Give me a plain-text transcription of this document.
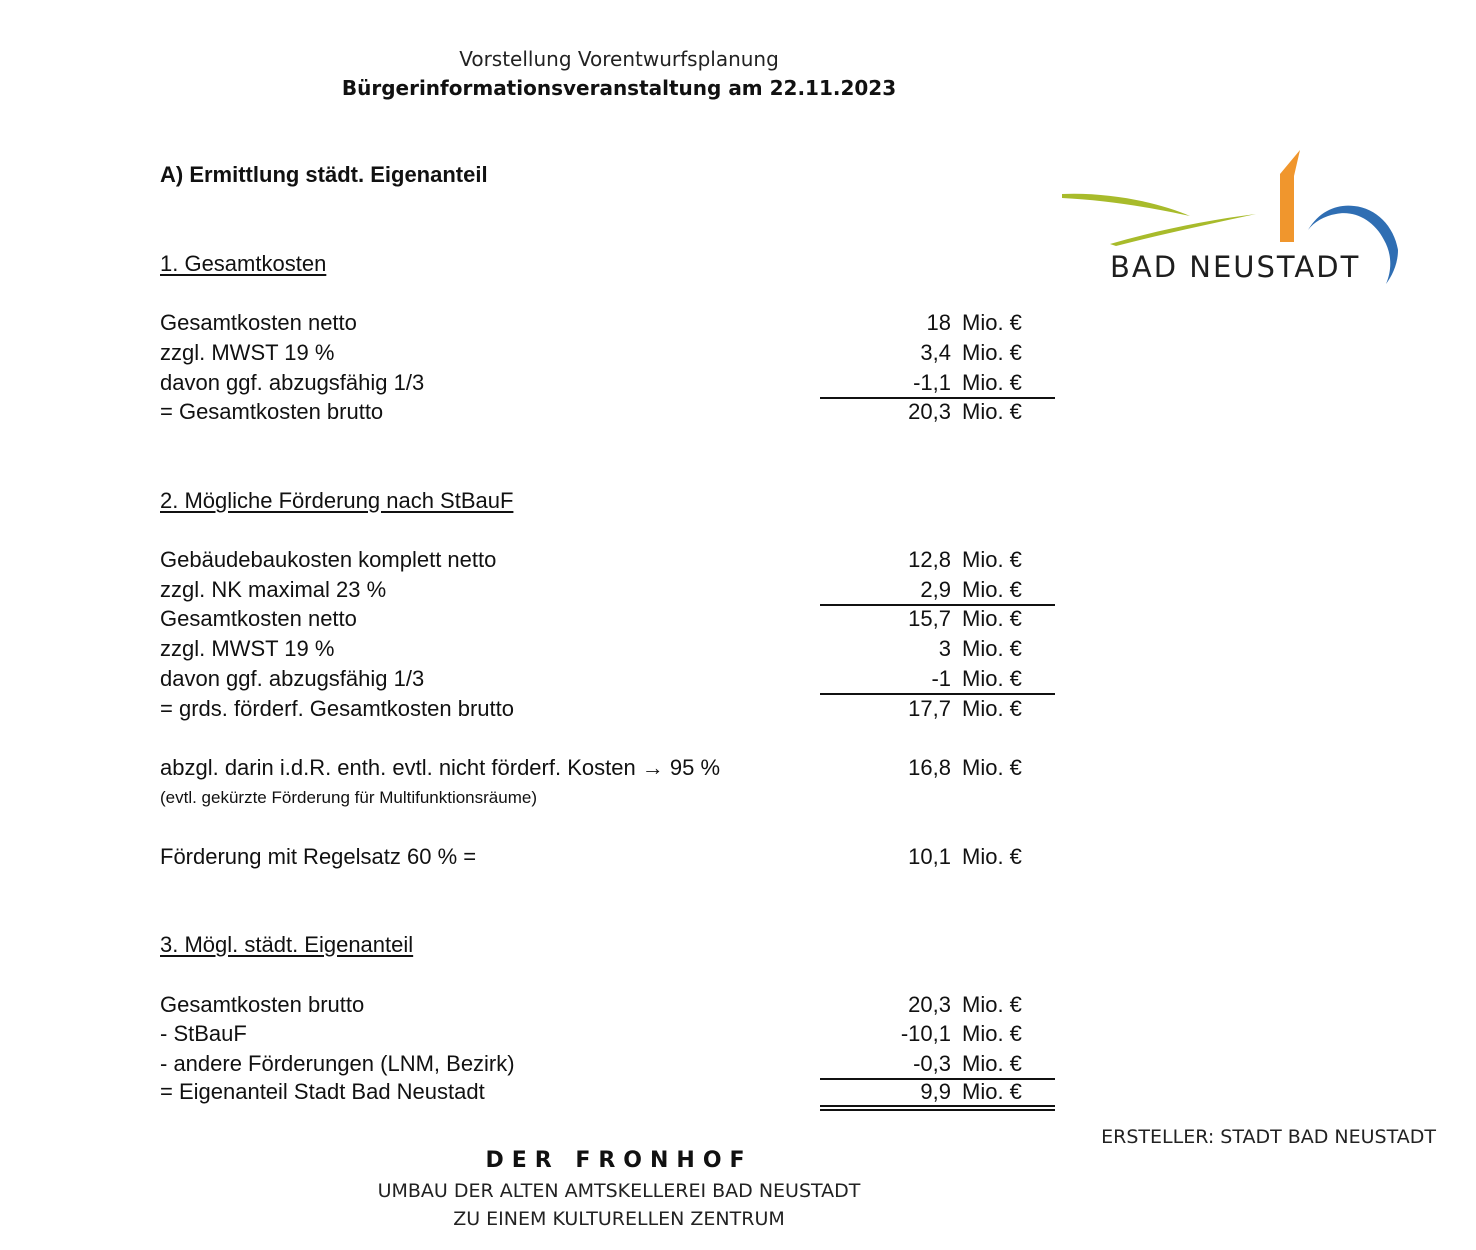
Vorstellung Vorentwurfsplanung
Bürgerinformationsveranstaltung am 22.11.2023
BAD NEUSTADT
A) Ermittlung städt. Eigenanteil
1. Gesamtkosten
Gesamtkosten netto	18 Mio. €
zzgl. MWST 19 %	3,4 Mio. €
davon ggf. abzugsfähig 1/3	-1,1 Mio. €
= Gesamtkosten brutto	20,3 Mio. €
2. Mögliche Förderung nach StBauF
Gebäudebaukosten komplett netto	12,8 Mio. €
zzgl. NK maximal 23 %	2,9 Mio. €
Gesamtkosten netto	15,7 Mio. €
zzgl. MWST 19 %	3 Mio. €
davon ggf. abzugsfähig 1/3	-1 Mio. €
= grds. förderf. Gesamtkosten brutto	17,7 Mio. €
abzgl. darin i.d.R. enth. evtl. nicht förderf. Kosten → 95 %	16,8 Mio. €
(evtl. gekürzte Förderung für Multifunktionsräume)
Förderung mit Regelsatz 60 % =	10,1 Mio. €
3. Mögl. städt. Eigenanteil
Gesamtkosten brutto	20,3 Mio. €
- StBauF	-10,1 Mio. €
- andere Förderungen (LNM, Bezirk)	-0,3 Mio. €
= Eigenanteil Stadt Bad Neustadt	9,9 Mio. €
ERSTELLER: STADT BAD NEUSTADT
DER FRONHOF
UMBAU DER ALTEN AMTSKELLEREI BAD NEUSTADT
ZU EINEM KULTURELLEN ZENTRUM
